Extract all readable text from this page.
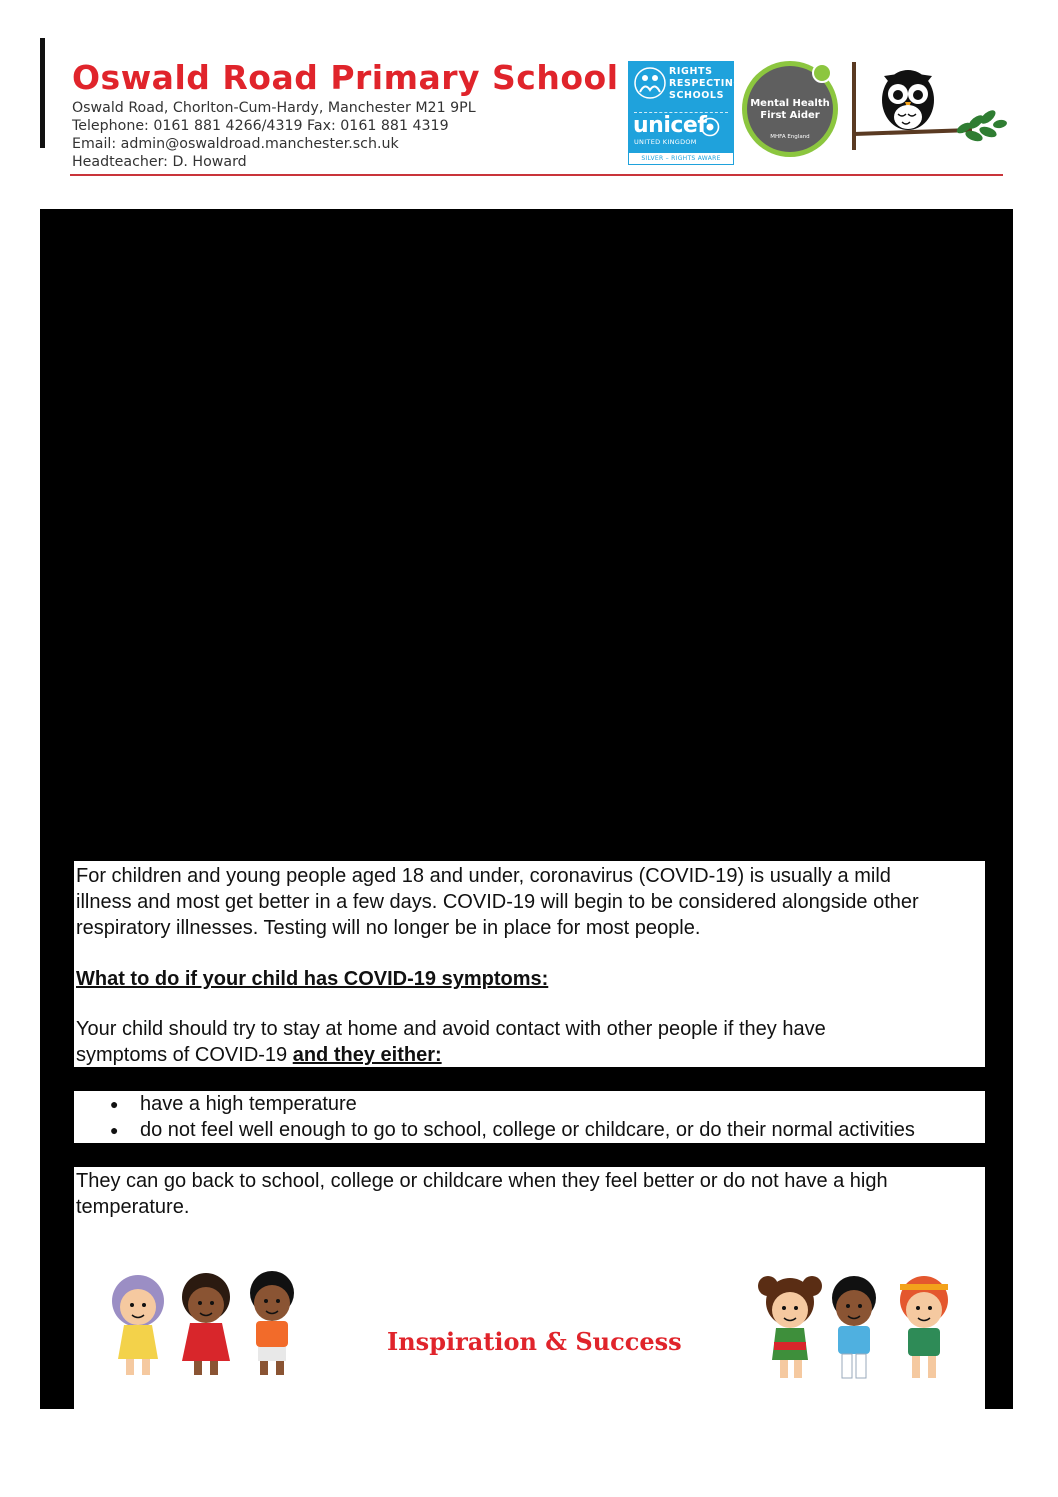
Oswald Road Primary School
Oswald Road, Chorlton-Cum-Hardy, Manchester M21 9PL
Telephone: 0161 881 4266/4319 Fax: 0161 881 4319
Email: admin@oswaldroad.manchester.sch.uk
Headteacher: D. Howard
RIGHTS
RESPECTING
SCHOOLS
unicef
UNITED KINGDOM
SILVER – RIGHTS AWARE
Mental Health
First Aider
MHFA England
For children and young people aged 18 and under, coronavirus (COVID-19) is usually a mild
illness and most get better in a few days. COVID-19 will begin to be considered alongside other
respiratory illnesses. Testing will no longer be in place for most people.
What to do if your child has COVID-19 symptoms:
Your child should try to stay at home and avoid contact with other people if they have
symptoms of COVID-19 and they either:
● have a high temperature
● do not feel well enough to go to school, college or childcare, or do their normal activities
They can go back to school, college or childcare when they feel better or do not have a high
temperature.
Inspiration & Success
